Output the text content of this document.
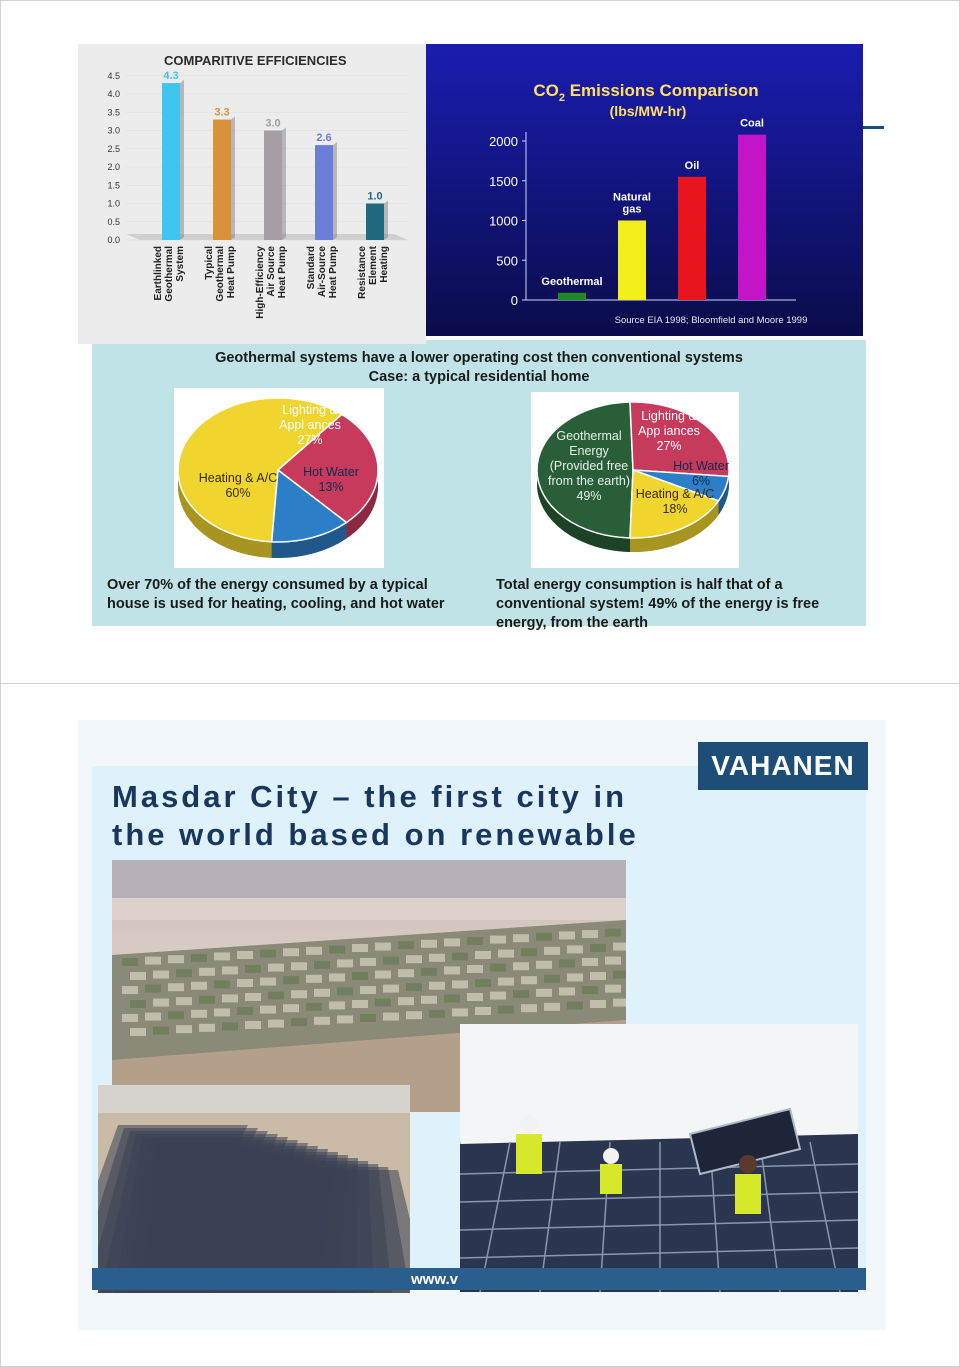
COMPARITIVE EFFICIENCIES
4.5
4.0
3.5
3.0
2.5
2.0
1.5
1.0
0.5
0.0
4.3
3.3
3.0
2.6
1.0
Earthlinked Geothermal System Typical Geothermal Heat Pump High-Efficiency Air Source Heat Pump Standard Air-Source Heat Pump Resistance Element Heating
$CO_2$ Emissions Comparison
(lbs/MW-hr)
2000
1500
1000
500
0
Geothermal
Natural
gas
Oil
Coal
Source EIA 1998; Bloomfield and Moore 1999
Geothermal systems have a lower operating cost then conventional systems
Case: a typical residential home
Heating & A/C
60%
Lighting &
Appl ances
27%
Hot Water
13%
Geothermal
Energy
(Provided free
from the earth)
49%
Lighting &
App iances
27%
Hot Water
6%
Heating & A/C
18%
Over 70% of the energy consumed by a typical
house is used for heating, cooling, and hot water
Total energy consumption is half that of a
conventional system! 49% of the energy is free
energy, from the earth
VAHANEN
Masdar City – the first city in
the world based on renewable
www.v
